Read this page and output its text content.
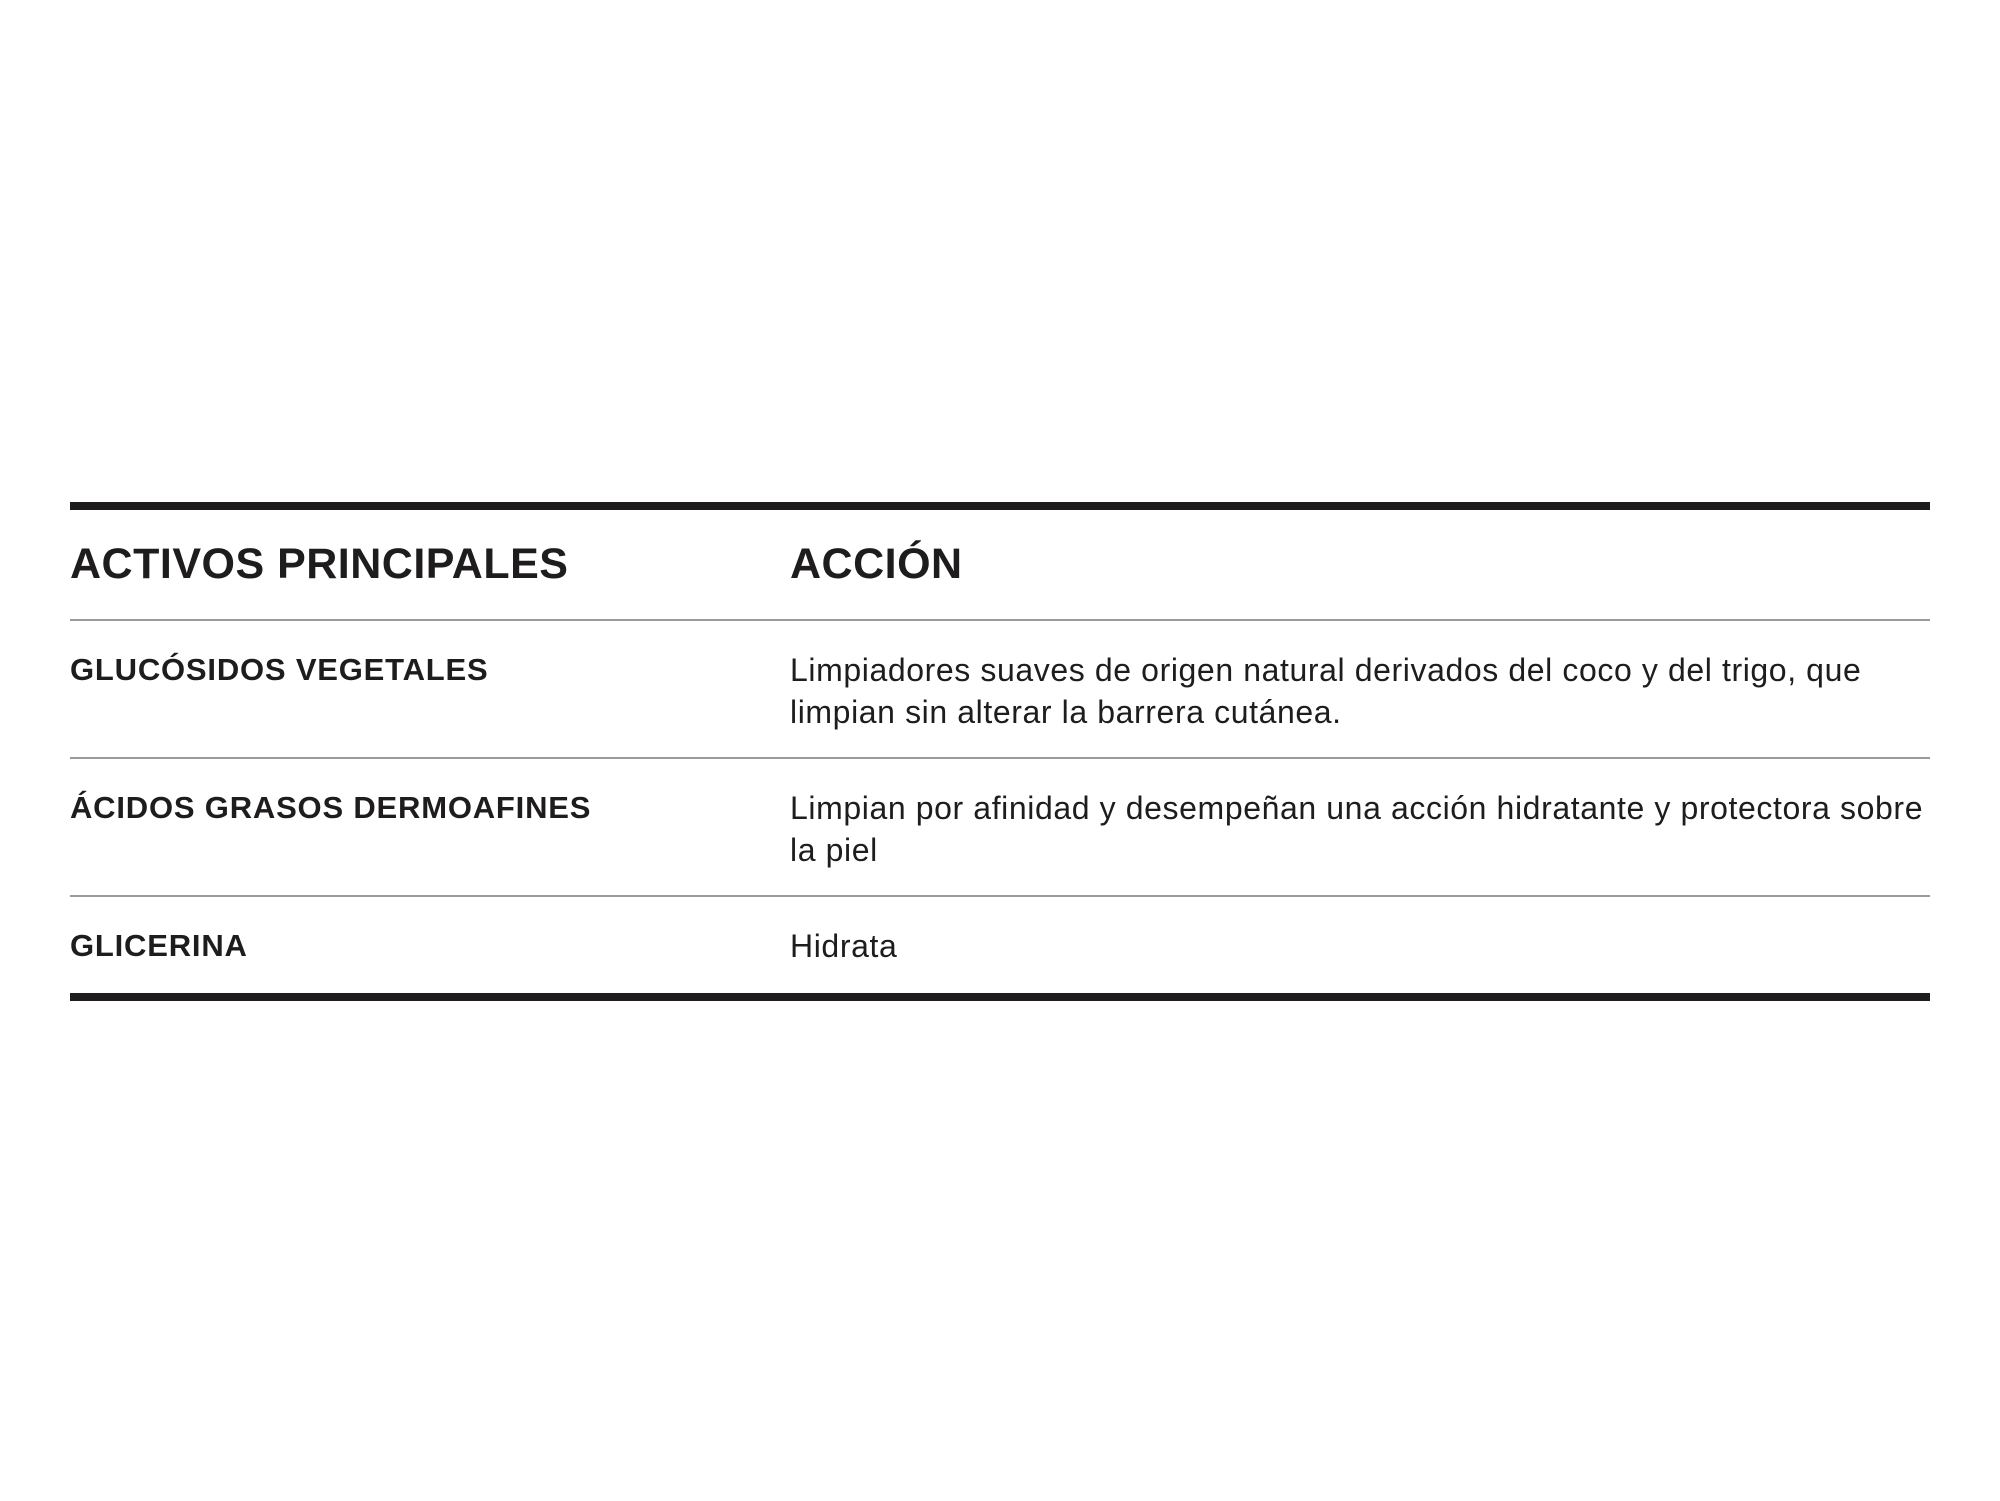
ACTIVOS PRINCIPALES	ACCIÓN
GLUCÓSIDOS VEGETALES	Limpiadores suaves de origen natural derivados del coco y del trigo, que limpian sin alterar la barrera cutánea.
ÁCIDOS GRASOS DERMOAFINES	Limpian por afinidad y desempeñan una acción hidratante y protectora sobre la piel
GLICERINA	Hidrata
